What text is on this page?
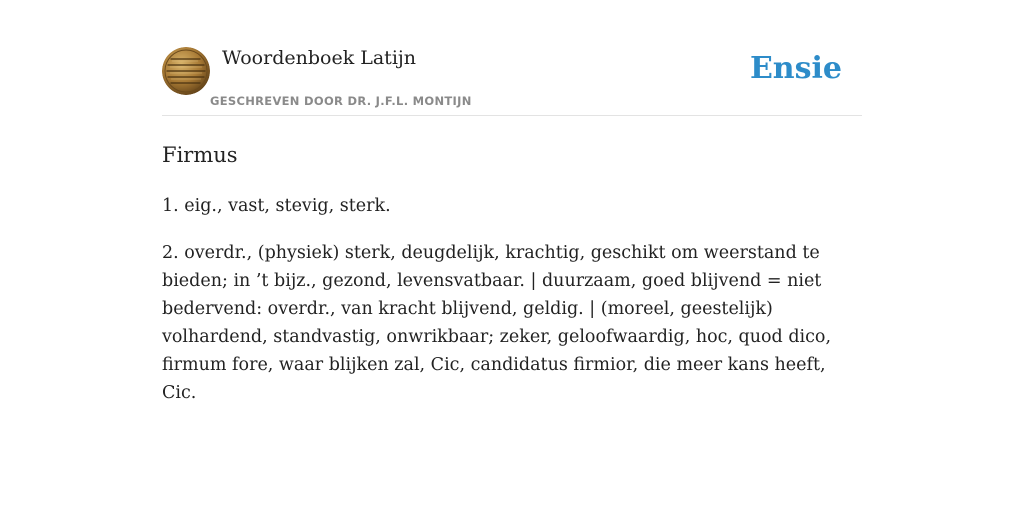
Woordenboek Latijn
GESCHREVEN DOOR DR. J.F.L. MONTIJN
Ensie
Firmus

1. eig., vast, stevig, sterk.

2. overdr., (physiek) sterk, deugdelijk, krachtig, geschikt om weerstand te bieden; in ’t bijz., gezond, levensvatbaar. | duurzaam, goed blijvend = niet bedervend: overdr., van kracht blijvend, geldig. | (moreel, geestelijk) volhardend, standvastig, onwrikbaar; zeker, geloofwaardig, hoc, quod dico, firmum fore, waar blijken zal, Cic, candidatus firmior, die meer kans heeft, Cic.
